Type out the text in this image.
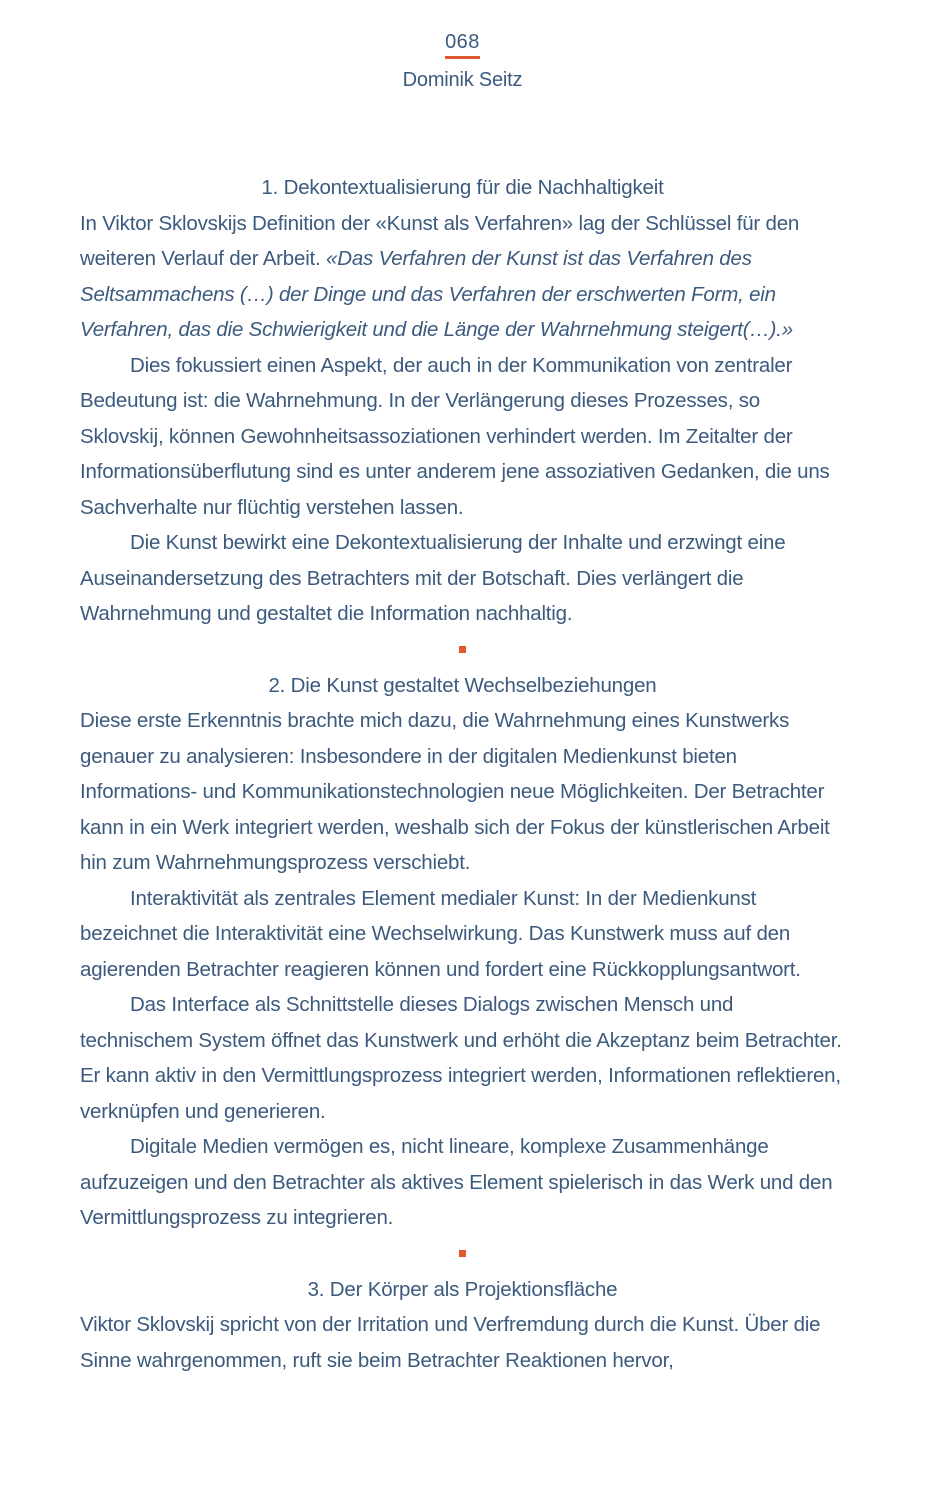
068
Dominik Seitz
1. Dekontextualisierung für die Nachhaltigkeit

In Viktor Sklovskijs Definition der «Kunst als Verfahren» lag der Schlüssel für den weiteren Verlauf der Arbeit. «Das Verfahren der Kunst ist das Verfahren des Seltsammachens (…) der Dinge und das Verfahren der erschwerten Form, ein Verfahren, das die Schwierigkeit und die Länge der Wahrnehmung steigert(…).»

Dies fokussiert einen Aspekt, der auch in der Kommunikation von zentraler Bedeutung ist: die Wahrnehmung. In der Verlängerung dieses Prozesses, so Sklovskij, können Gewohnheitsassoziationen verhindert werden. Im Zeitalter der Informationsüberflutung sind es unter anderem jene assoziativen Gedanken, die uns Sachverhalte nur flüchtig verstehen lassen.

Die Kunst bewirkt eine Dekontextualisierung der Inhalte und erzwingt eine Auseinandersetzung des Betrachters mit der Botschaft. Dies verlängert die Wahrnehmung und gestaltet die Information nachhaltig.

2. Die Kunst gestaltet Wechselbeziehungen

Diese erste Erkenntnis brachte mich dazu, die Wahrnehmung eines Kunstwerks genauer zu analysieren: Insbesondere in der digitalen Medienkunst bieten Informations- und Kommunikationstechnologien neue Möglichkeiten. Der Betrachter kann in ein Werk integriert werden, weshalb sich der Fokus der künstlerischen Arbeit hin zum Wahrnehmungsprozess verschiebt.

Interaktivität als zentrales Element medialer Kunst: In der Medienkunst bezeichnet die Interaktivität eine Wechselwirkung. Das Kunstwerk muss auf den agierenden Betrachter reagieren können und fordert eine Rückkopplungsantwort.

Das Interface als Schnittstelle dieses Dialogs zwischen Mensch und technischem System öffnet das Kunstwerk und erhöht die Akzeptanz beim Betrachter. Er kann aktiv in den Vermittlungsprozess integriert werden, Informationen reflektieren, verknüpfen und generieren.

Digitale Medien vermögen es, nicht lineare, komplexe Zusammenhänge aufzuzeigen und den Betrachter als aktives Element spielerisch in das Werk und den Vermittlungsprozess zu integrieren.

3. Der Körper als Projektionsfläche

Viktor Sklovskij spricht von der Irritation und Verfremdung durch die Kunst. Über die Sinne wahrgenommen, ruft sie beim Betrachter Reaktionen hervor,
